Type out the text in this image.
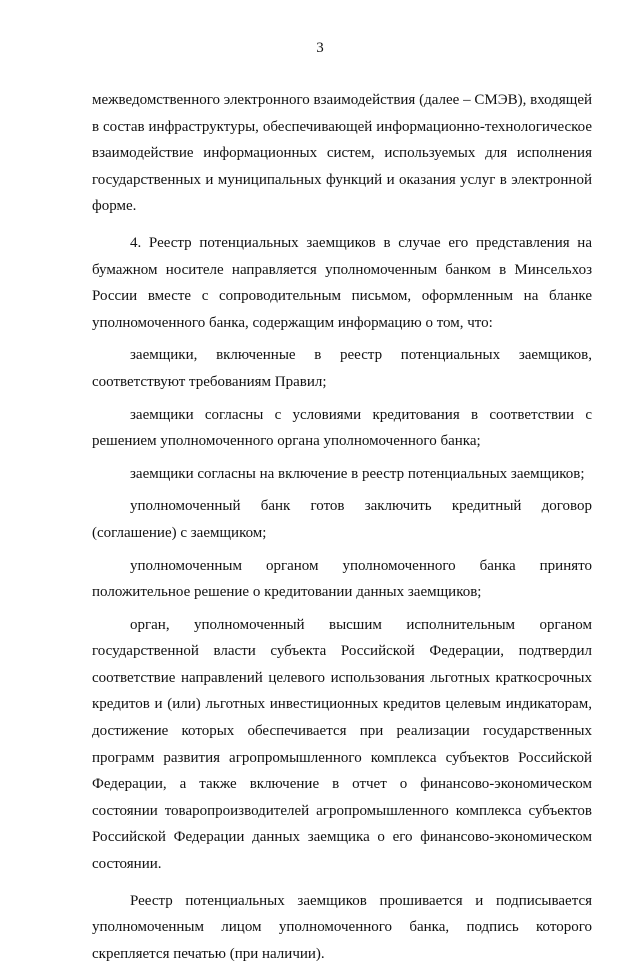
3

межведомственного электронного взаимодействия (далее – СМЭВ), входящей в состав инфраструктуры, обеспечивающей информационно-технологическое взаимодействие информационных систем, используемых для исполнения государственных и муниципальных функций и оказания услуг в электронной форме.

4. Реестр потенциальных заемщиков в случае его представления на бумажном носителе направляется уполномоченным банком в Минсельхоз России вместе с сопроводительным письмом, оформленным на бланке уполномоченного банка, содержащим информацию о том, что:

заемщики, включенные в реестр потенциальных заемщиков, соответствуют требованиям Правил;

заемщики согласны с условиями кредитования в соответствии с решением уполномоченного органа уполномоченного банка;

заемщики согласны на включение в реестр потенциальных заемщиков;

уполномоченный банк готов заключить кредитный договор (соглашение) с заемщиком;

уполномоченным органом уполномоченного банка принято положительное решение о кредитовании данных заемщиков;

орган, уполномоченный высшим исполнительным органом государственной власти субъекта Российской Федерации, подтвердил соответствие направлений целевого использования льготных краткосрочных кредитов и (или) льготных инвестиционных кредитов целевым индикаторам, достижение которых обеспечивается при реализации государственных программ развития агропромышленного комплекса субъектов Российской Федерации, а также включение в отчет о финансово-экономическом состоянии товаропроизводителей агропромышленного комплекса субъектов Российской Федерации данных заемщика о его финансово-экономическом состоянии.

Реестр потенциальных заемщиков прошивается и подписывается уполномоченным лицом уполномоченного банка, подпись которого скрепляется печатью (при наличии).
